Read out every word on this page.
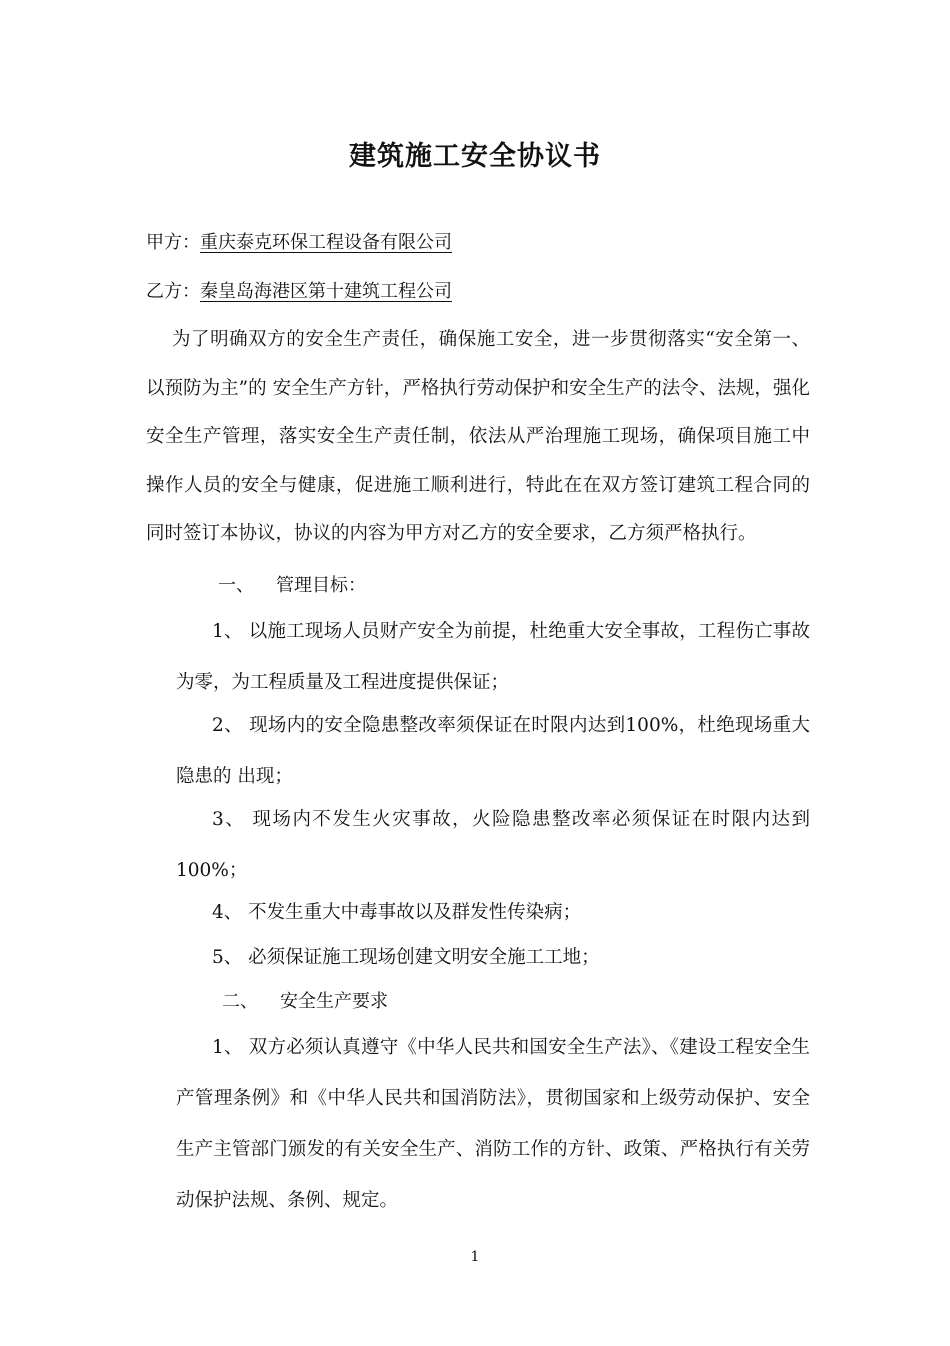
建筑施工安全协议书
甲方：重庆泰克环保工程设备有限公司
乙方：秦皇岛海港区第十建筑工程公司
为了明确双方的安全生产责任，确保施工安全，进一步贯彻落实“安全第一、以预防为主”的 安全生产方针，严格执行劳动保护和安全生产的法令、法规，强化安全生产管理，落实安全生产责任制，依法从严治理施工现场，确保项目施工中操作人员的安全与健康，促进施工顺利进行，特此在在双方签订建筑工程合同的同时签订本协议，协议的内容为甲方对乙方的安全要求，乙方须严格执行。
一、 管理目标：
1、 以施工现场人员财产安全为前提，杜绝重大安全事故，工程伤亡事故为零，为工程质量及工程进度提供保证；
2、 现场内的安全隐患整改率须保证在时限内达到100%，杜绝现场重大隐患的 出现；
3、 现场内不发生火灾事故，火险隐患整改率必须保证在时限内达到100%；
4、 不发生重大中毒事故以及群发性传染病；
5、 必须保证施工现场创建文明安全施工工地；
二、 安全生产要求
1、 双方必须认真遵守《中华人民共和国安全生产法》、《建设工程安全生产管理条例》和《中华人民共和国消防法》，贯彻国家和上级劳动保护、安全生产主管部门颁发的有关安全生产、消防工作的方针、政策、严格执行有关劳动保护法规、条例、规定。
1
